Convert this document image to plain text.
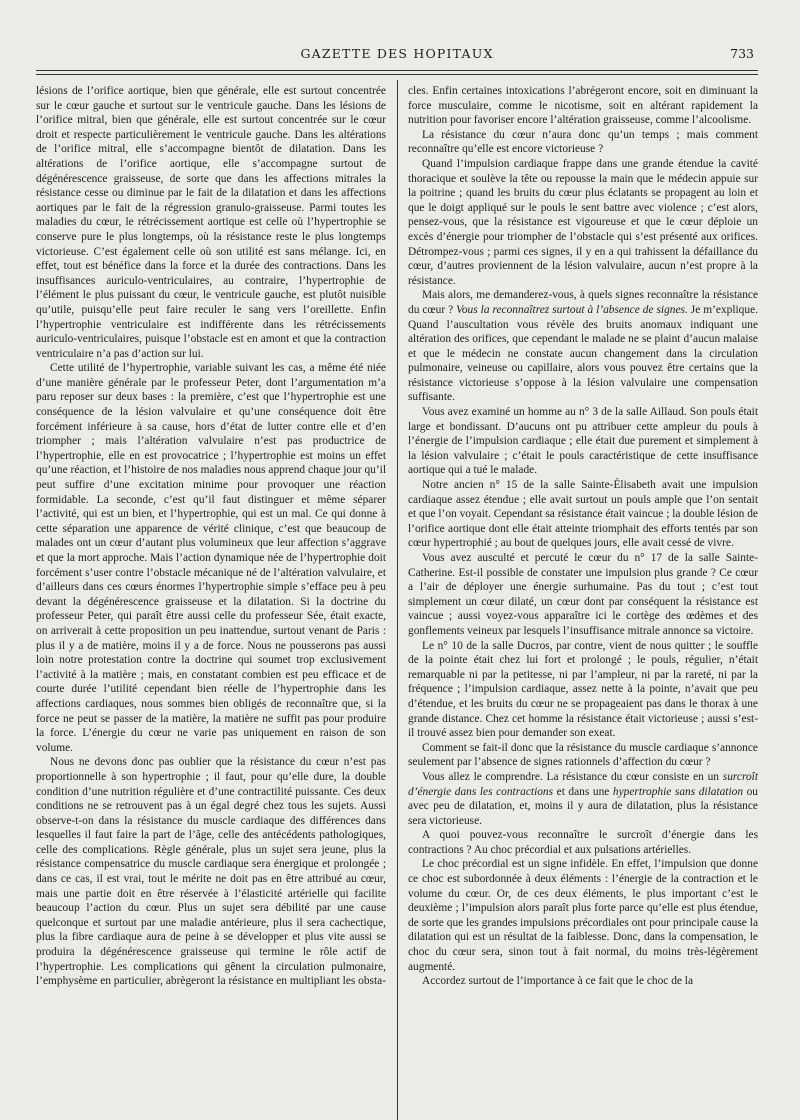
GAZETTE DES HOPITAUX	733

lésions de l’orifice aortique, bien que générale, elle est surtout concentrée sur le cœur gauche et surtout sur le ventricule gauche. Dans les lésions de l’orifice mitral, bien que générale, elle est surtout concentrée sur le cœur droit et respecte particulièrement le ventricule gauche. Dans les altérations de l’orifice mitral, elle s’accompagne bientôt de dilatation. Dans les altérations de l’orifice aortique, elle s’accompagne surtout de dégénérescence graisseuse, de sorte que dans les affections mitrales la résistance cesse ou diminue par le fait de la dilatation et dans les affections aortiques par le fait de la régression granulo-graisseuse. Parmi toutes les maladies du cœur, le rétrécissement aortique est celle où l’hypertrophie se conserve pure le plus longtemps, où la résistance reste le plus longtemps victorieuse. C’est également celle où son utilité est sans mélange. Ici, en effet, tout est bénéfice dans la force et la durée des contractions. Dans les insuffisances auriculo-ventriculaires, au contraire, l’hypertrophie de l’élément le plus puissant du cœur, le ventricule gauche, est plutôt nuisible qu’utile, puisqu’elle peut faire reculer le sang vers l’oreillette. Enfin l’hypertrophie ventriculaire est indifférente dans les rétrécissements auriculo-ventriculaires, puisque l’obstacle est en amont et que la contraction ventriculaire n’a pas d’action sur lui.

Cette utilité de l’hypertrophie, variable suivant les cas, a même été niée d’une manière générale par le professeur Peter, dont l’argumentation m’a paru reposer sur deux bases : la première, c’est que l’hypertrophie est une conséquence de la lésion valvulaire et qu’une conséquence doit être forcément inférieure à sa cause, hors d’état de lutter contre elle et d’en triompher ; mais l’altération valvulaire n’est pas productrice de l’hypertrophie, elle en est provocatrice ; l’hypertrophie est moins un effet qu’une réaction, et l’histoire de nos maladies nous apprend chaque jour qu’il peut suffire d’une excitation minime pour provoquer une réaction formidable. La seconde, c’est qu’il faut distinguer et même séparer l’activité, qui est un bien, et l’hypertrophie, qui est un mal. Ce qui donne à cette séparation une apparence de vérité clinique, c’est que beaucoup de malades ont un cœur d’autant plus volumineux que leur affection s’aggrave et que la mort approche. Mais l’action dynamique née de l’hypertrophie doit forcément s’user contre l’obstacle mécanique né de l’altération valvulaire, et d’ailleurs dans ces cœurs énormes l’hypertrophie simple s’efface peu à peu devant la dégénérescence graisseuse et la dilatation. Si la doctrine du professeur Peter, qui paraît être aussi celle du professeur Sée, était exacte, on arriverait à cette proposition un peu inattendue, surtout venant de Paris : plus il y a de matière, moins il y a de force. Nous ne pousserons pas aussi loin notre protestation contre la doctrine qui soumet trop exclusivement l’activité à la matière ; mais, en constatant combien est peu efficace et de courte durée l’utilité cependant bien réelle de l’hypertrophie dans les affections cardiaques, nous sommes bien obligés de reconnaître que, si la force ne peut se passer de la matière, la matière ne suffit pas pour produire la force. L’énergie du cœur ne varie pas uniquement en raison de son volume.

Nous ne devons donc pas oublier que la résistance du cœur n’est pas proportionnelle à son hypertrophie ; il faut, pour qu’elle dure, la double condition d’une nutrition régulière et d’une contractilité puissante. Ces deux conditions ne se retrouvent pas à un égal degré chez tous les sujets. Aussi observe-t-on dans la résistance du muscle cardiaque des différences dans lesquelles il faut faire la part de l’âge, celle des antécédents pathologiques, celle des complications. Règle générale, plus un sujet sera jeune, plus la résistance compensatrice du muscle cardiaque sera énergique et prolongée ; dans ce cas, il est vrai, tout le mérite ne doit pas en être attribué au cœur, mais une partie doit en être réservée à l’élasticité artérielle qui facilite beaucoup l’action du cœur. Plus un sujet sera débilité par une cause quelconque et surtout par une maladie antérieure, plus il sera cachectique, plus la fibre cardiaque aura de peine à se développer et plus vite aussi se produira la dégénérescence graisseuse qui termine le rôle actif de l’hypertrophie. Les complications qui gênent la circulation pulmonaire, l’emphysème en particulier, abrègeront la résistance en multipliant les obsta-

cles. Enfin certaines intoxications l’abrégeront encore, soit en diminuant la force musculaire, comme le nicotisme, soit en altérant rapidement la nutrition pour favoriser encore l’altération graisseuse, comme l’alcoolisme.

La résistance du cœur n’aura donc qu’un temps ; mais comment reconnaître qu’elle est encore victorieuse ?

Quand l’impulsion cardiaque frappe dans une grande étendue la cavité thoracique et soulève la tête ou repousse la main que le médecin appuie sur la poitrine ; quand les bruits du cœur plus éclatants se propagent au loin et que le doigt appliqué sur le pouls le sent battre avec violence ; c’est alors, pensez-vous, que la résistance est vigoureuse et que le cœur déploie un excès d’énergie pour triompher de l’obstacle qui s’est présenté aux orifices. Détrompez-vous ; parmi ces signes, il y en a qui trahissent la défaillance du cœur, d’autres proviennent de la lésion valvulaire, aucun n’est propre à la résistance.

Mais alors, me demanderez-vous, à quels signes reconnaître la résistance du cœur ? Vous la reconnaîtrez surtout à l’absence de signes. Je m’explique. Quand l’auscultation vous révèle des bruits anomaux indiquant une altération des orifices, que cependant le malade ne se plaint d’aucun malaise et que le médecin ne constate aucun changement dans la circulation pulmonaire, veineuse ou capillaire, alors vous pouvez être certains que la résistance victorieuse s’oppose à la lésion valvulaire une compensation suffisante.

Vous avez examiné un homme au n° 3 de la salle Aillaud. Son pouls était large et bondissant. D’aucuns ont pu attribuer cette ampleur du pouls à l’énergie de l’impulsion cardiaque ; elle était due purement et simplement à la lésion valvulaire ; c’était le pouls caractéristique de cette insuffisance aortique qui a tué le malade.

Notre ancien n° 15 de la salle Sainte-Élisabeth avait une impulsion cardiaque assez étendue ; elle avait surtout un pouls ample que l’on sentait et que l’on voyait. Cependant sa résistance était vaincue ; la double lésion de l’orifice aortique dont elle était atteinte triomphait des efforts tentés par son cœur hypertrophié ; au bout de quelques jours, elle avait cessé de vivre.

Vous avez ausculté et percuté le cœur du n° 17 de la salle Sainte-Catherine. Est-il possible de constater une impulsion plus grande ? Ce cœur a l’air de déployer une énergie surhumaine. Pas du tout ; c’est tout simplement un cœur dilaté, un cœur dont par conséquent la résistance est vaincue ; aussi voyez-vous apparaître ici le cortège des œdèmes et des gonflements veineux par lesquels l’insuffisance mitrale annonce sa victoire.

Le n° 10 de la salle Ducros, par contre, vient de nous quitter ; le souffle de la pointe était chez lui fort et prolongé ; le pouls, régulier, n’était remarquable ni par la petitesse, ni par l’ampleur, ni par la rareté, ni par la fréquence ; l’impulsion cardiaque, assez nette à la pointe, n’avait que peu d’étendue, et les bruits du cœur ne se propageaient pas dans le thorax à une grande distance. Chez cet homme la résistance était victorieuse ; aussi s’est-il trouvé assez bien pour demander son exeat.

Comment se fait-il donc que la résistance du muscle cardiaque s’annonce seulement par l’absence de signes rationnels d’affection du cœur ?

Vous allez le comprendre. La résistance du cœur consiste en un surcroît d’énergie dans les contractions et dans une hypertrophie sans dilatation ou avec peu de dilatation, et, moins il y aura de dilatation, plus la résistance sera victorieuse.

A quoi pouvez-vous reconnaître le surcroît d’énergie dans les contractions ? Au choc précordial et aux pulsations artérielles.

Le choc précordial est un signe infidèle. En effet, l’impulsion que donne ce choc est subordonnée à deux éléments : l’énergie de la contraction et le volume du cœur. Or, de ces deux éléments, le plus important c’est le deuxième ; l’impulsion alors paraît plus forte parce qu’elle est plus étendue, de sorte que les grandes impulsions précordiales ont pour principale cause la dilatation qui est un résultat de la faiblesse. Donc, dans la compensation, le choc du cœur sera, sinon tout à fait normal, du moins très-légèrement augmenté.

Accordez surtout de l’importance à ce fait que le choc de la
